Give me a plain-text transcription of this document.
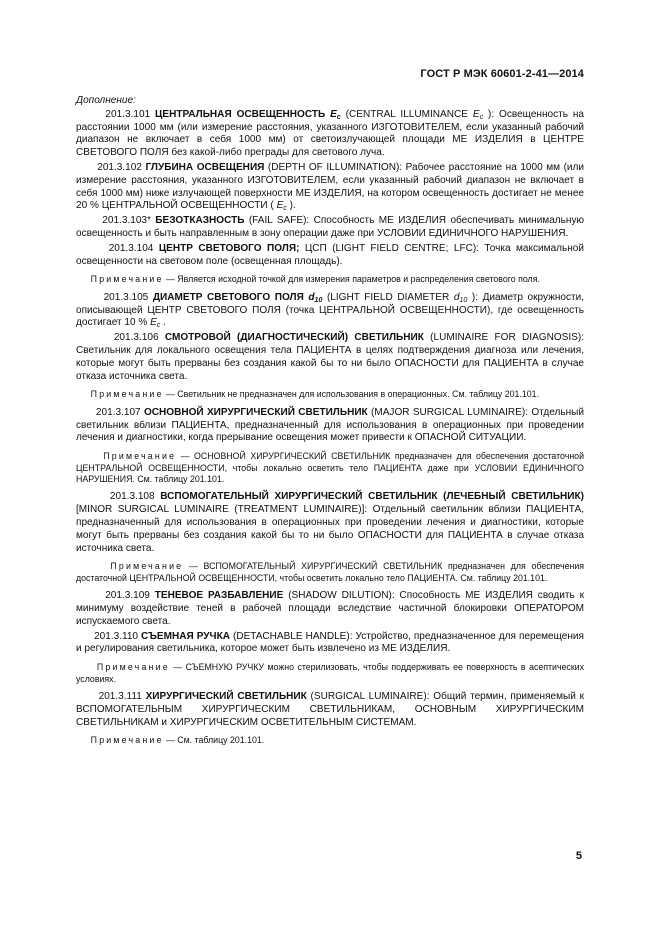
ГОСТ Р МЭК 60601-2-41—2014

Дополнение:

201.3.101 ЦЕНТРАЛЬНАЯ ОСВЕЩЕННОСТЬ $E_c$ (CENTRAL ILLUMINANCE $E_c$ ): Освещенность на расстоянии 1000 мм (или измерение расстояния, указанного ИЗГОТОВИТЕЛЕМ, если указанный рабочий диапазон не включает в себя 1000 мм) от светоизлучающей площади МЕ ИЗДЕЛИЯ в ЦЕНТРЕ СВЕТОВОГО ПОЛЯ без какой-либо преграды для светового луча.

201.3.102 ГЛУБИНА ОСВЕЩЕНИЯ (DEPTH OF ILLUMINATION): Рабочее расстояние на 1000 мм (или измерение расстояния, указанного ИЗГОТОВИТЕЛЕМ, если указанный рабочий диапазон не включает в себя 1000 мм) ниже излучающей поверхности МЕ ИЗДЕЛИЯ, на котором освещенность достигает не менее 20 % ЦЕНТРАЛЬНОЙ ОСВЕЩЕННОСТИ ( $E_c$ ).

201.3.103* БЕЗОТКАЗНОСТЬ (FAIL SAFE): Способность МЕ ИЗДЕЛИЯ обеспечивать минимальную освещенность и быть направленным в зону операции даже при УСЛОВИИ ЕДИНИЧНОГО НАРУШЕНИЯ.

201.3.104 ЦЕНТР СВЕТОВОГО ПОЛЯ; ЦСП (LIGHT FIELD CENTRE; LFC): Точка максимальной освещенности на световом поле (освещенная площадь).

Примечание — Является исходной точкой для измерения параметров и распределения светового поля.

201.3.105 ДИАМЕТР СВЕТОВОГО ПОЛЯ $d_{10}$ (LIGHT FIELD DIAMETER $d_{10}$ ): Диаметр окружности, описывающей ЦЕНТР СВЕТОВОГО ПОЛЯ (точка ЦЕНТРАЛЬНОЙ ОСВЕЩЕННОСТИ), где освещенность достигает 10 % $E_c$ .

201.3.106 СМОТРОВОЙ (ДИАГНОСТИЧЕСКИЙ) СВЕТИЛЬНИК (LUMINAIRE FOR DIAGNOSIS): Светильник для локального освещения тела ПАЦИЕНТА в целях подтверждения диагноза или лечения, которые могут быть прерваны без создания какой бы то ни было ОПАСНОСТИ для ПАЦИЕНТА в случае отказа источника света.

Примечание — Светильник не предназначен для использования в операционных. См. таблицу 201.101.

201.3.107 ОСНОВНОЙ ХИРУРГИЧЕСКИЙ СВЕТИЛЬНИК (MAJOR SURGICAL LUMINAIRE): Отдельный светильник вблизи ПАЦИЕНТА, предназначенный для использования в операционных при проведении лечения и диагностики, когда прерывание освещения может привести к ОПАСНОЙ СИТУАЦИИ.

Примечание — ОСНОВНОЙ ХИРУРГИЧЕСКИЙ СВЕТИЛЬНИК предназначен для обеспечения достаточной ЦЕНТРАЛЬНОЙ ОСВЕЩЕННОСТИ, чтобы локально осветить тело ПАЦИЕНТА даже при УСЛОВИИ ЕДИНИЧНОГО НАРУШЕНИЯ. См. таблицу 201.101.

201.3.108 ВСПОМОГАТЕЛЬНЫЙ ХИРУРГИЧЕСКИЙ СВЕТИЛЬНИК (ЛЕЧЕБНЫЙ СВЕТИЛЬНИК) [MINOR SURGICAL LUMINAIRE (TREATMENT LUMINAIRE)]: Отдельный светильник вблизи ПАЦИЕНТА, предназначенный для использования в операционных при проведении лечения и диагностики, которые могут быть прерваны без создания какой бы то ни было ОПАСНОСТИ для ПАЦИЕНТА в случае отказа источника света.

Примечание — ВСПОМОГАТЕЛЬНЫЙ ХИРУРГИЧЕСКИЙ СВЕТИЛЬНИК предназначен для обеспечения достаточной ЦЕНТРАЛЬНОЙ ОСВЕЩЕННОСТИ, чтобы осветить локально тело ПАЦИЕНТА. См. таблицу 201.101.

201.3.109 ТЕНЕВОЕ РАЗБАВЛЕНИЕ (SHADOW DILUTION): Способность МЕ ИЗДЕЛИЯ сводить к минимуму воздействие теней в рабочей площади вследствие частичной блокировки ОПЕРАТОРОМ испускаемого света.

201.3.110 СЪЕМНАЯ РУЧКА (DETACHABLE HANDLE): Устройство, предназначенное для перемещения и регулирования светильника, которое может быть извлечено из МЕ ИЗДЕЛИЯ.

Примечание — СЪЕМНУЮ РУЧКУ можно стерилизовать, чтобы поддерживать ее поверхность в асептических условиях.

201.3.111 ХИРУРГИЧЕСКИЙ СВЕТИЛЬНИК (SURGICAL LUMINAIRE): Общий термин, применяемый к ВСПОМОГАТЕЛЬНЫМ ХИРУРГИЧЕСКИМ СВЕТИЛЬНИКАМ, ОСНОВНЫМ ХИРУРГИЧЕСКИМ СВЕТИЛЬНИКАМ и ХИРУРГИЧЕСКИМ ОСВЕТИТЕЛЬНЫМ СИСТЕМАМ.

Примечание — См. таблицу 201.101.

5
